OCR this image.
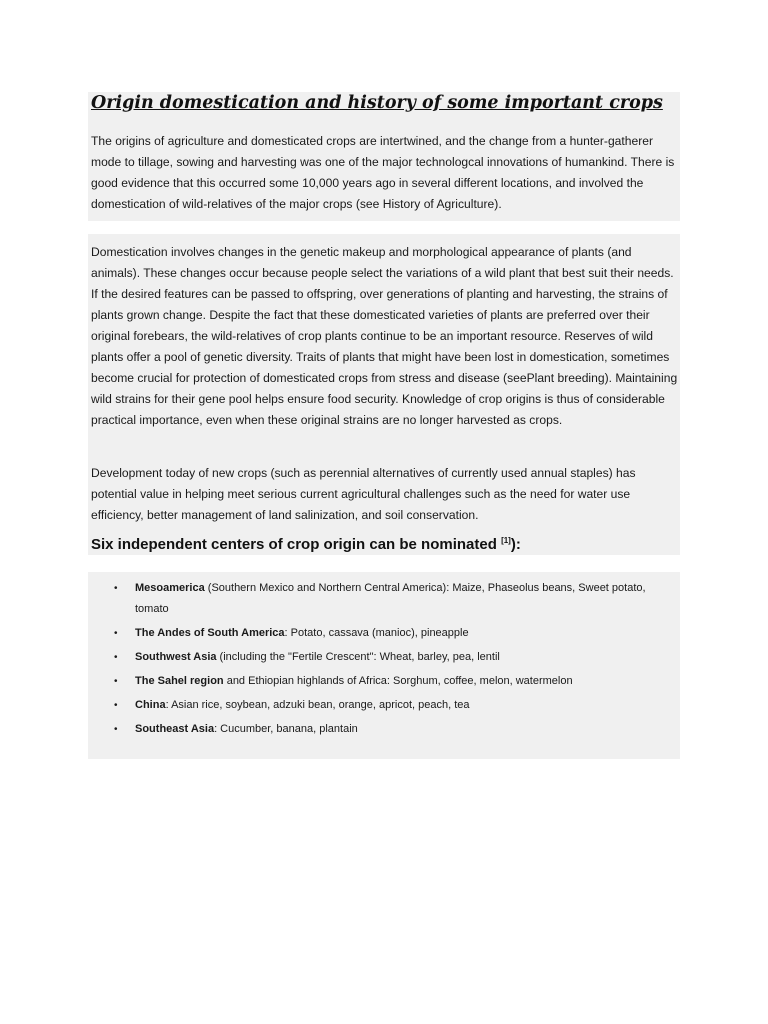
Origin domestication and history of some important crops

The origins of agriculture and domesticated crops are intertwined, and the change from a hunter-gatherer mode to tillage, sowing and harvesting was one of the major technologcal innovations of humankind. There is good evidence that this occurred some 10,000 years ago in several different locations, and involved the domestication of wild-relatives of the major crops (see History of Agriculture).

Domestication involves changes in the genetic makeup and morphological appearance of plants (and animals). These changes occur because people select the variations of a wild plant that best suit their needs. If the desired features can be passed to offspring, over generations of planting and harvesting, the strains of plants grown change. Despite the fact that these domesticated varieties of plants are preferred over their original forebears, the wild-relatives of crop plants continue to be an important resource. Reserves of wild plants offer a pool of genetic diversity. Traits of plants that might have been lost in domestication, sometimes become crucial for protection of domesticated crops from stress and disease (seePlant breeding). Maintaining wild strains for their gene pool helps ensure food security. Knowledge of crop origins is thus of considerable practical importance, even when these original strains are no longer harvested as crops.

Development today of new crops (such as perennial alternatives of currently used annual staples) has potential value in helping meet serious current agricultural challenges such as the need for water use efficiency, better management of land salinization, and soil conservation.

Six independent centers of crop origin can be nominated [1]):
• Mesoamerica (Southern Mexico and Northern Central America): Maize, Phaseolus beans, Sweet potato, tomato
• The Andes of South America: Potato, cassava (manioc), pineapple
• Southwest Asia (including the "Fertile Crescent": Wheat, barley, pea, lentil
• The Sahel region and Ethiopian highlands of Africa: Sorghum, coffee, melon, watermelon
• China: Asian rice, soybean, adzuki bean, orange, apricot, peach, tea
• Southeast Asia: Cucumber, banana, plantain
